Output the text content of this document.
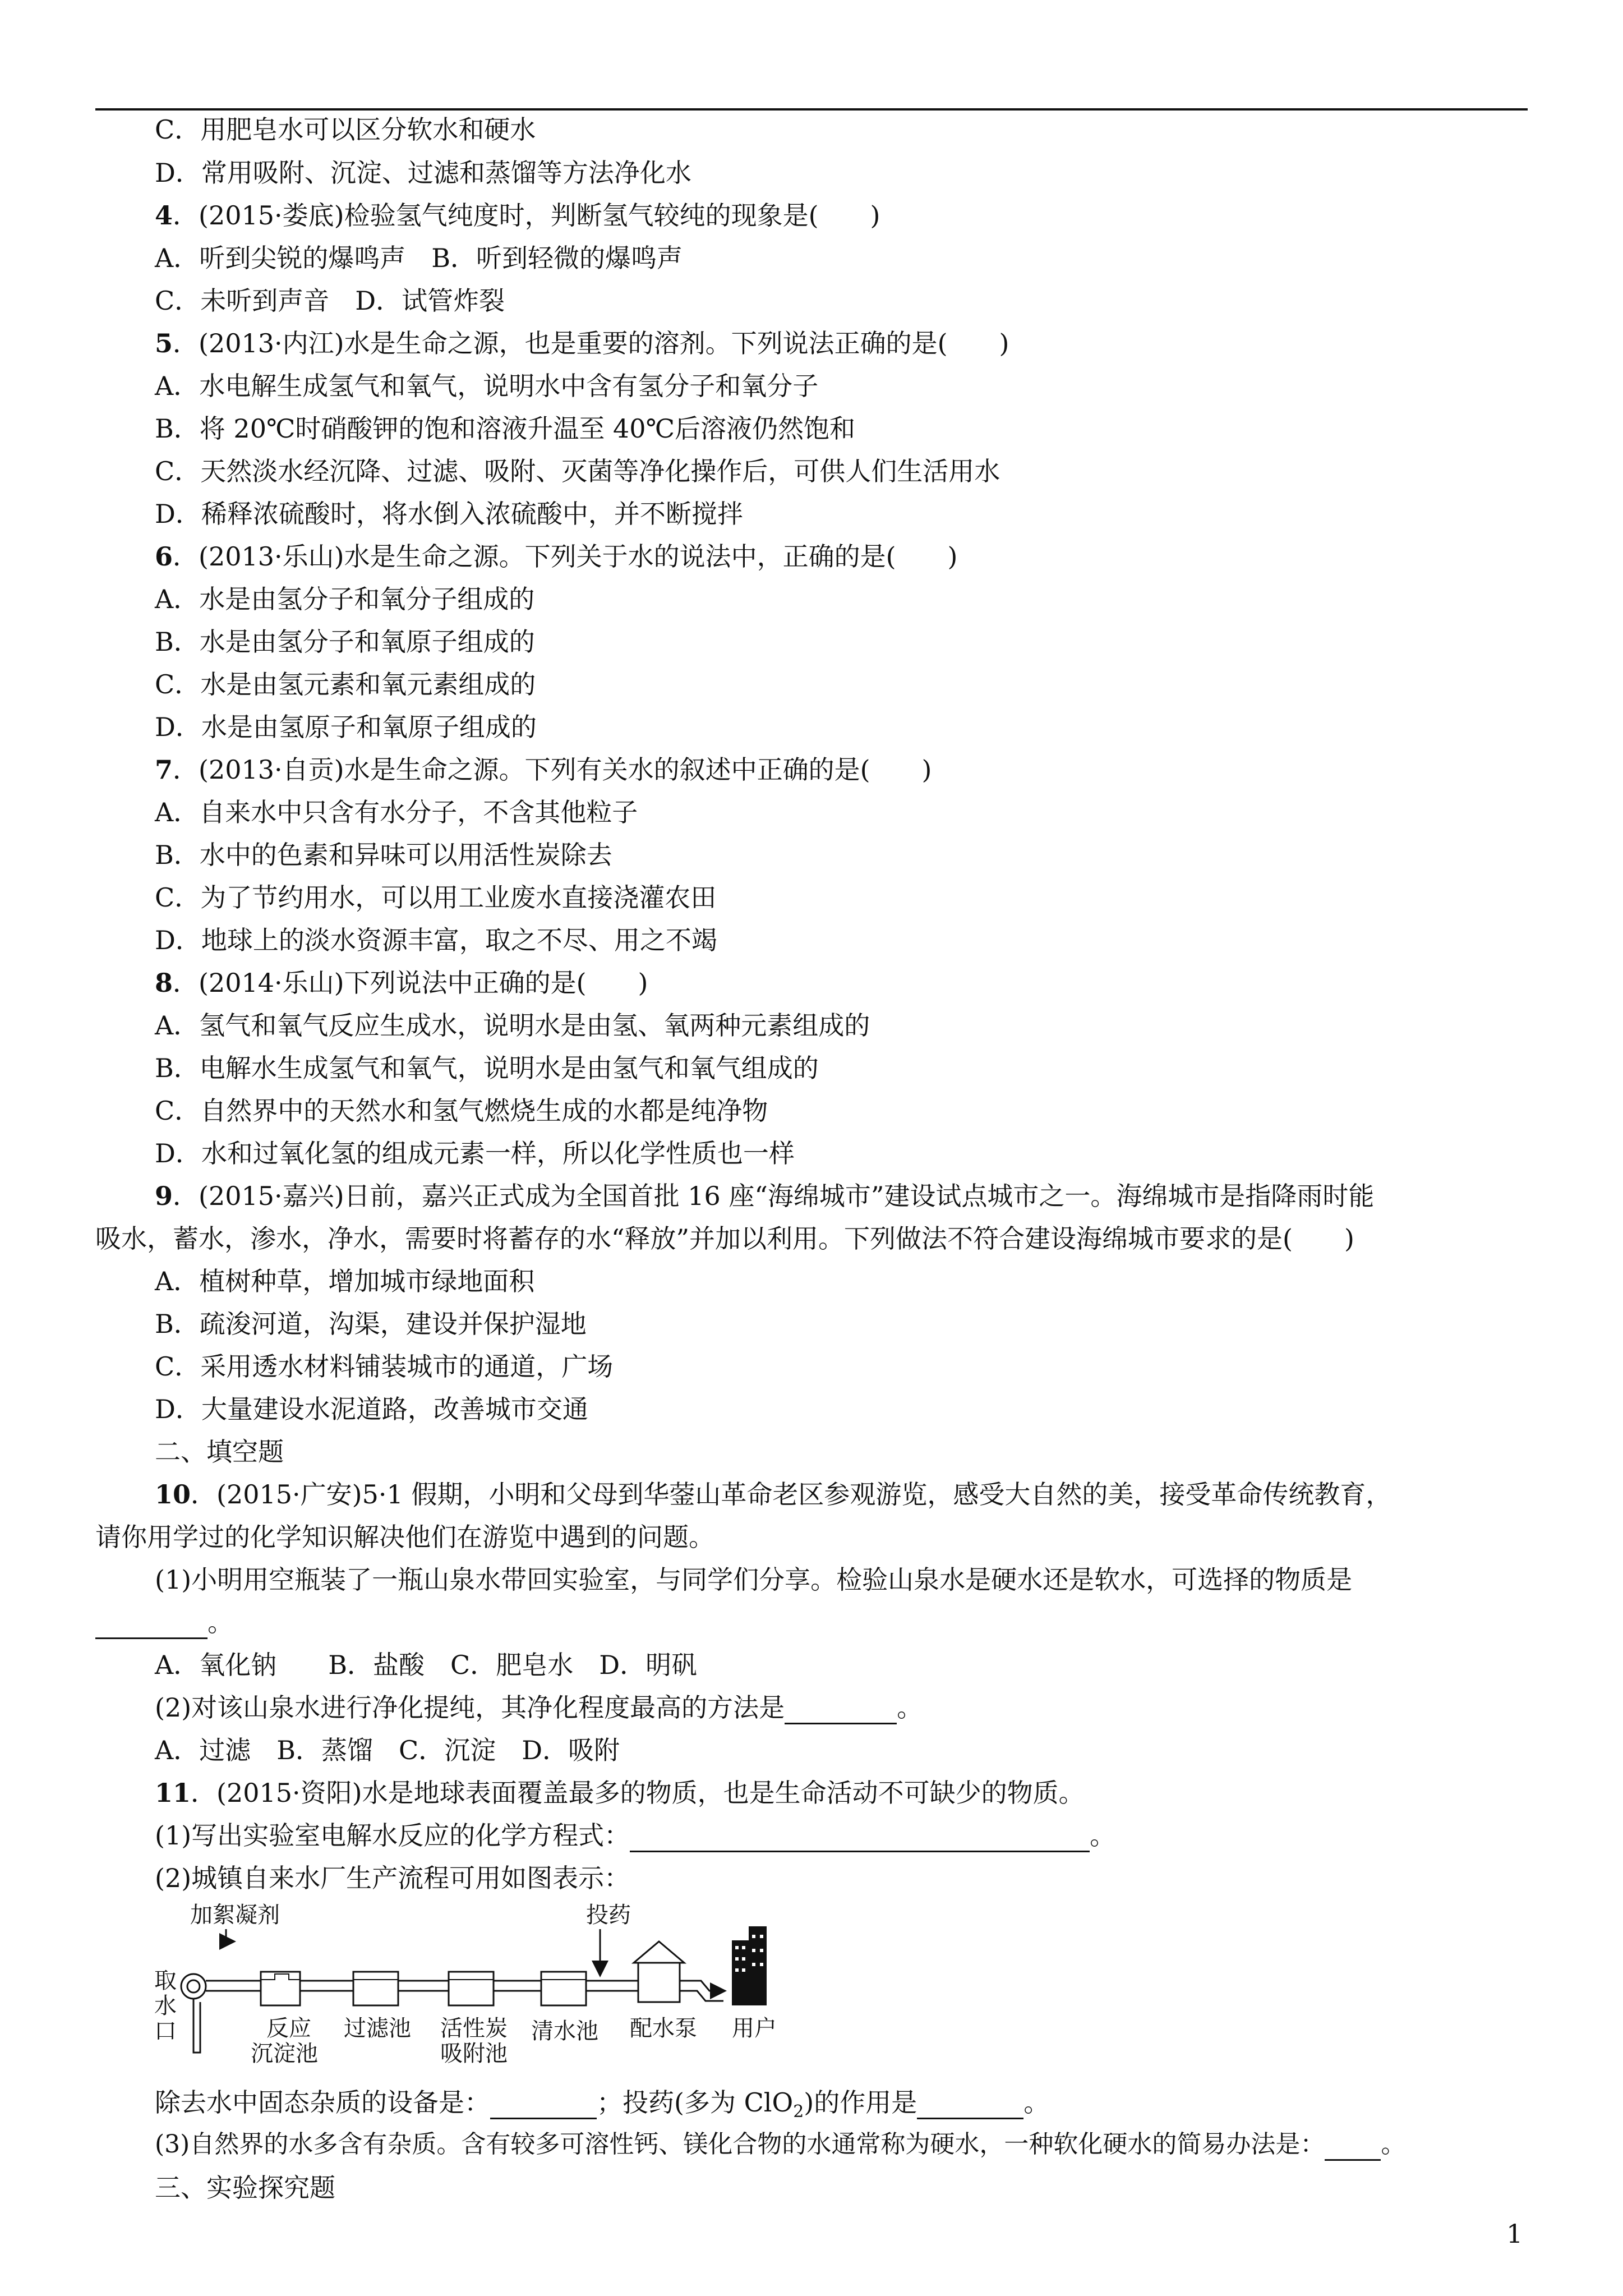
C．用肥皂水可以区分软水和硬水
D．常用吸附、沉淀、过滤和蒸馏等方法净化水
4．(2015·娄底)检验氢气纯度时，判断氢气较纯的现象是(　　)
A．听到尖锐的爆鸣声　B．听到轻微的爆鸣声
C．未听到声音　D．试管炸裂
5．(2013·内江)水是生命之源，也是重要的溶剂。下列说法正确的是(　　)
A．水电解生成氢气和氧气，说明水中含有氢分子和氧分子
B．将 20℃时硝酸钾的饱和溶液升温至 40℃后溶液仍然饱和
C．天然淡水经沉降、过滤、吸附、灭菌等净化操作后，可供人们生活用水
D．稀释浓硫酸时，将水倒入浓硫酸中，并不断搅拌
6．(2013·乐山)水是生命之源。下列关于水的说法中，正确的是(　　)
A．水是由氢分子和氧分子组成的
B．水是由氢分子和氧原子组成的
C．水是由氢元素和氧元素组成的
D．水是由氢原子和氧原子组成的
7．(2013·自贡)水是生命之源。下列有关水的叙述中正确的是(　　)
A．自来水中只含有水分子，不含其他粒子
B．水中的色素和异味可以用活性炭除去
C．为了节约用水，可以用工业废水直接浇灌农田
D．地球上的淡水资源丰富，取之不尽、用之不竭
8．(2014·乐山)下列说法中正确的是(　　)
A．氢气和氧气反应生成水，说明水是由氢、氧两种元素组成的
B．电解水生成氢气和氧气，说明水是由氢气和氧气组成的
C．自然界中的天然水和氢气燃烧生成的水都是纯净物
D．水和过氧化氢的组成元素一样，所以化学性质也一样
9．(2015·嘉兴)日前，嘉兴正式成为全国首批 16 座“海绵城市”建设试点城市之一。海绵城市是指降雨时能
吸水，蓄水，渗水，净水，需要时将蓄存的水“释放”并加以利用。下列做法不符合建设海绵城市要求的是(　　)
A．植树种草，增加城市绿地面积
B．疏浚河道，沟渠，建设并保护湿地
C．采用透水材料铺装城市的通道，广场
D．大量建设水泥道路，改善城市交通
二、填空题
10．(2015·广安)5·1 假期，小明和父母到华蓥山革命老区参观游览，感受大自然的美，接受革命传统教育，
请你用学过的化学知识解决他们在游览中遇到的问题。
(1)小明用空瓶装了一瓶山泉水带回实验室，与同学们分享。检验山泉水是硬水还是软水，可选择的物质是
。
A．氧化钠　　B．盐酸　C．肥皂水　D．明矾
(2)对该山泉水进行净化提纯，其净化程度最高的方法是	。
A．过滤　B．蒸馏　C．沉淀　D．吸附
11．(2015·资阳)水是地球表面覆盖最多的物质，也是生命活动不可缺少的物质。
(1)写出实验室电解水反应的化学方程式：	。
(2)城镇自来水厂生产流程可用如图表示：
取
水
口
加絮凝剂
反应
沉淀池
过滤池 活性炭
吸附池
清水池
投药
配水泵 用户
除去水中固态杂质的设备是：	；投药(多为 ClO$_2$)的作用是	。
(3)自然界的水多含有杂质。含有较多可溶性钙、镁化合物的水通常称为硬水，一种软化硬水的简易办法是： 。
三、实验探究题
1
